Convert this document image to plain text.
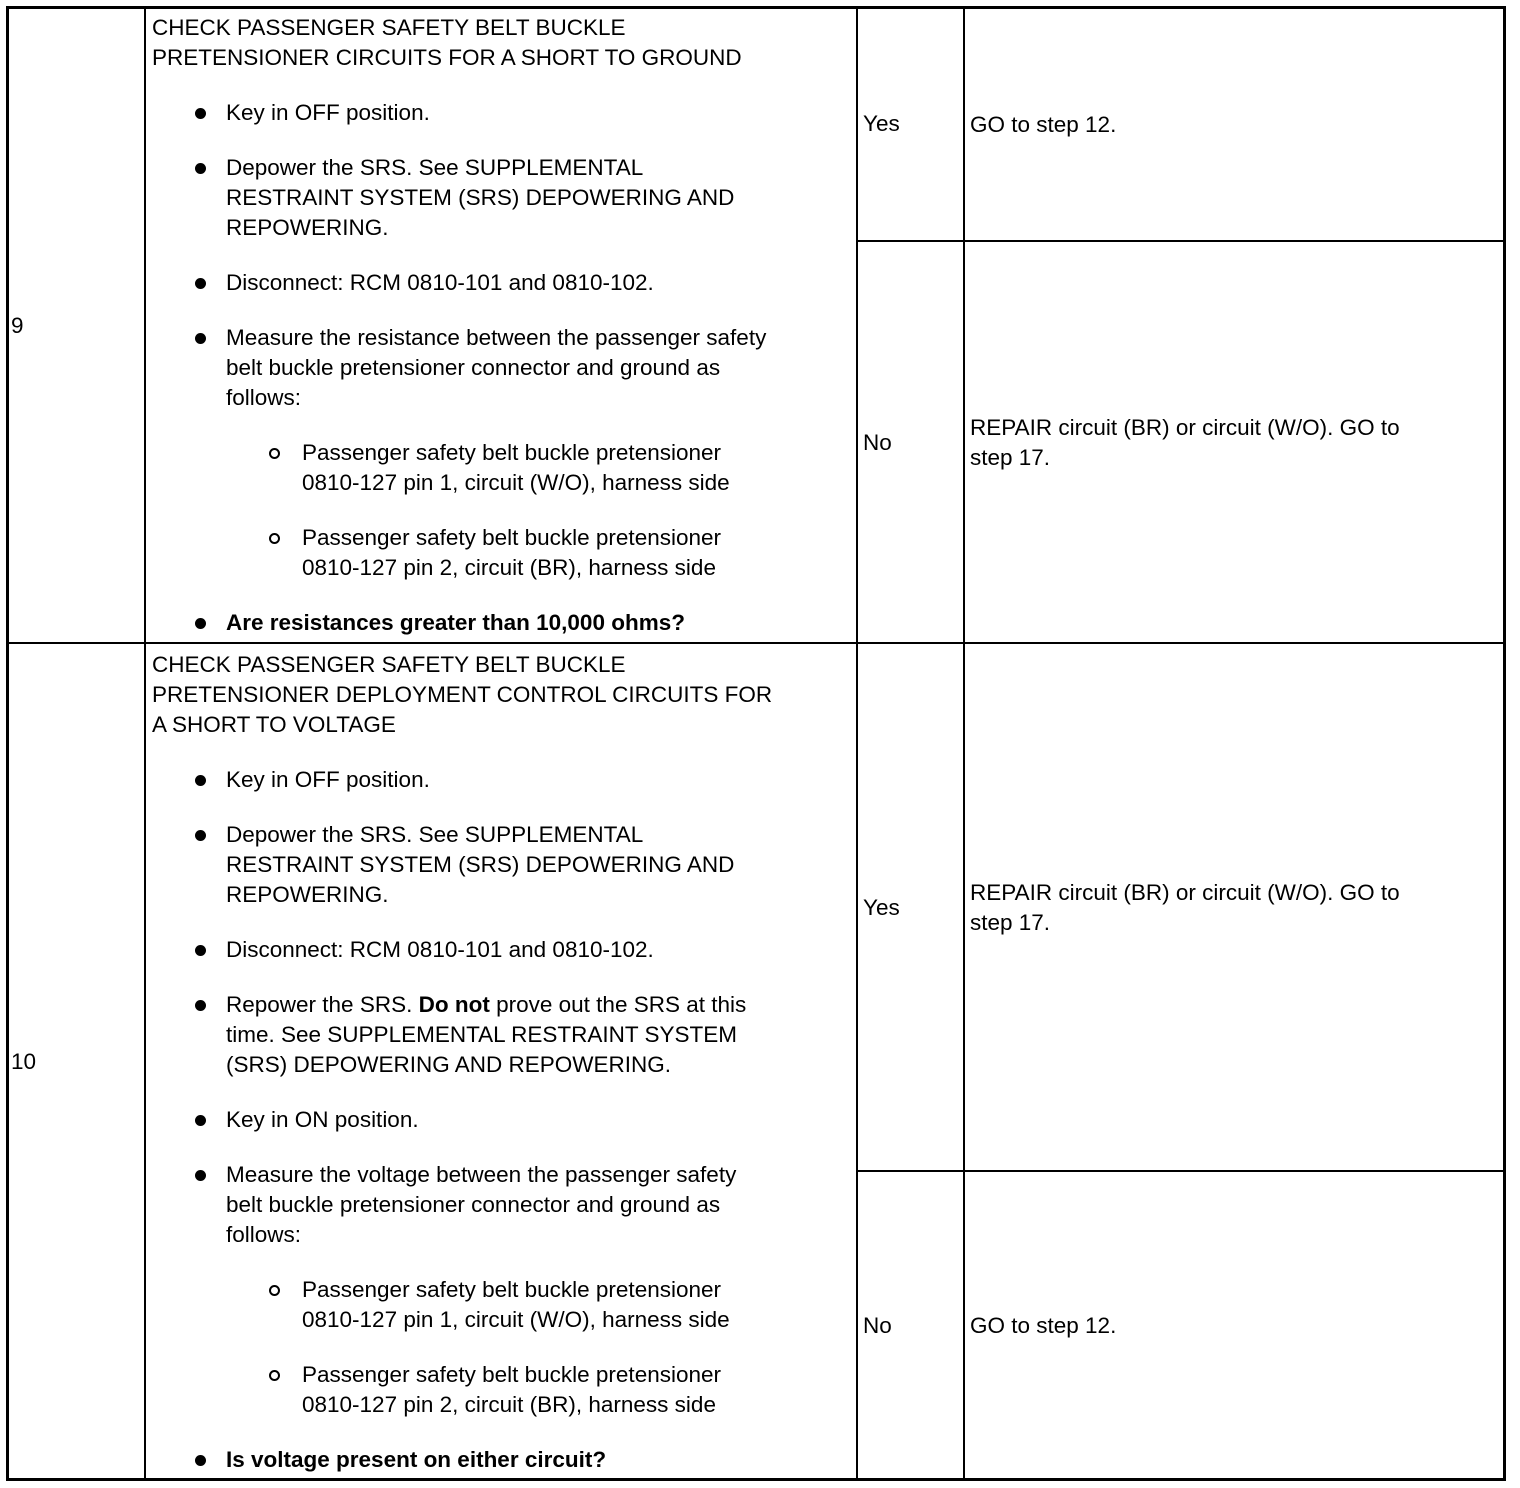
9
CHECK PASSENGER SAFETY BELT BUCKLE
PRETENSIONER CIRCUITS FOR A SHORT TO GROUND
Key in OFF position.
Depower the SRS. See SUPPLEMENTAL
RESTRAINT SYSTEM (SRS) DEPOWERING AND
REPOWERING.
Disconnect: RCM 0810-101 and 0810-102.
Measure the resistance between the passenger safety
belt buckle pretensioner connector and ground as
follows:
Passenger safety belt buckle pretensioner
0810-127 pin 1, circuit (W/O), harness side
Passenger safety belt buckle pretensioner
0810-127 pin 2, circuit (BR), harness side
Are resistances greater than 10,000 ohms?
Yes	GO to step 12.
No
REPAIR circuit (BR) or circuit (W/O). GO to
step 17.
10
CHECK PASSENGER SAFETY BELT BUCKLE
PRETENSIONER DEPLOYMENT CONTROL CIRCUITS FOR
A SHORT TO VOLTAGE
Key in OFF position.
Depower the SRS. See SUPPLEMENTAL
RESTRAINT SYSTEM (SRS) DEPOWERING AND
REPOWERING.
Disconnect: RCM 0810-101 and 0810-102.
Repower the SRS. Do not prove out the SRS at this
time. See SUPPLEMENTAL RESTRAINT SYSTEM
(SRS) DEPOWERING AND REPOWERING.
Key in ON position.
Measure the voltage between the passenger safety
belt buckle pretensioner connector and ground as
follows:
Passenger safety belt buckle pretensioner
0810-127 pin 1, circuit (W/O), harness side
Passenger safety belt buckle pretensioner
0810-127 pin 2, circuit (BR), harness side
Is voltage present on either circuit?
Yes
REPAIR circuit (BR) or circuit (W/O). GO to
step 17.
No	GO to step 12.
